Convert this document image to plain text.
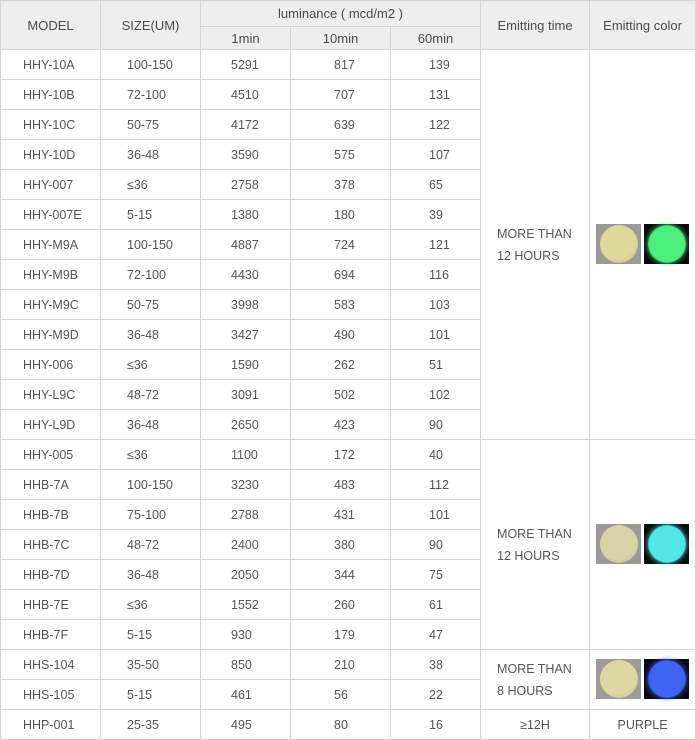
MODEL	SIZE(UM)	luminance ( mcd/m2 )			Emitting time	Emitting color
		1min	10min	60min		
HHY-10A	100-150	5291	817	139	MORE THAN
12 HOURS	

HHY-10B	72-100	4510	707	131		
HHY-10C	50-75	4172	639	122		
HHY-10D	36-48	3590	575	107		
HHY-007	≤36	2758	378	65		
HHY-007E	5-15	1380	180	39		
HHY-M9A	100-150	4887	724	121		
HHY-M9B	72-100	4430	694	116		
HHY-M9C	50-75	3998	583	103		
HHY-M9D	36-48	3427	490	101		
HHY-006	≤36	1590	262	51		
HHY-L9C	48-72	3091	502	102		
HHY-L9D	36-48	2650	423	90		
HHY-005	≤36	1100	172	40	MORE THAN
12 HOURS	

HHB-7A	100-150	3230	483	112		
HHB-7B	75-100	2788	431	101		
HHB-7C	48-72	2400	380	90		
HHB-7D	36-48	2050	344	75		
HHB-7E	≤36	1552	260	61		
HHB-7F	5-15	930	179	47		
HHS-104	35-50	850	210	38	MORE THAN
8 HOURS	

HHS-105	5-15	461	56	22		
HHP-001	25-35	495	80	16	≥12H	PURPLE
